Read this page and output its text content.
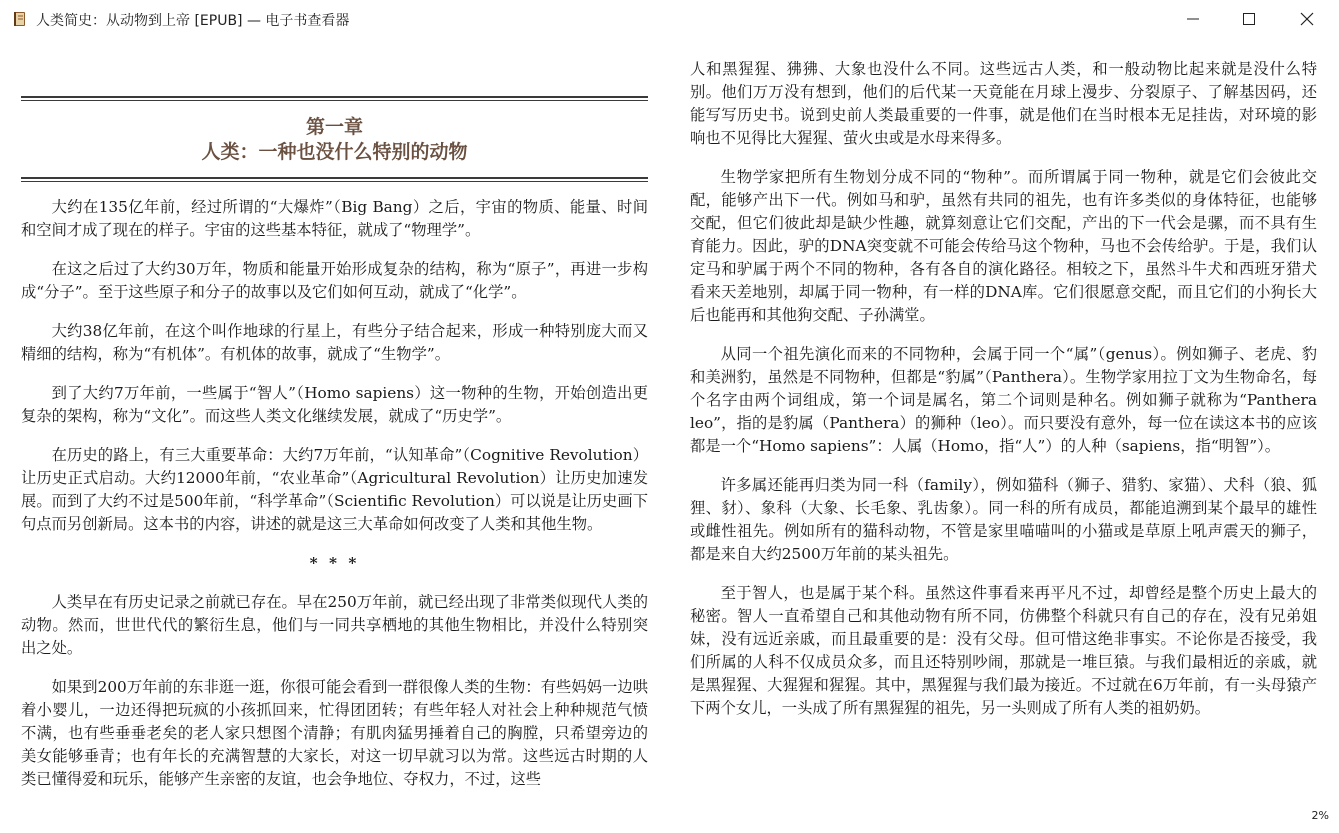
人类简史：从动物到上帝 [EPUB] — 电子书查看器
第一章
人类：一种也没什么特别的动物

大约在135亿年前，经过所谓的“大爆炸”（Big Bang）之后，宇宙的物质、能量、时间和空间才成了现在的样子。宇宙的这些基本特征，就成了“物理学”。

在这之后过了大约30万年，物质和能量开始形成复杂的结构，称为“原子”，再进一步构成“分子”。至于这些原子和分子的故事以及它们如何互动，就成了“化学”。

大约38亿年前，在这个叫作地球的行星上，有些分子结合起来，形成一种特别庞大而又精细的结构，称为“有机体”。有机体的故事，就成了“生物学”。

到了大约7万年前，一些属于“智人”（Homo sapiens）这一物种的生物，开始创造出更复杂的架构，称为“文化”。而这些人类文化继续发展，就成了“历史学”。

在历史的路上，有三大重要革命：大约7万年前，“认知革命”（Cognitive Revolution）让历史正式启动。大约12000年前，“农业革命”（Agricultural Revolution）让历史加速发展。而到了大约不过是500年前，“科学革命”（Scientific Revolution）可以说是让历史画下句点而另创新局。这本书的内容，讲述的就是这三大革命如何改变了人类和其他生物。

* * *

人类早在有历史记录之前就已存在。早在250万年前，就已经出现了非常类似现代人类的动物。然而，世世代代的繁衍生息，他们与一同共享栖地的其他生物相比，并没什么特别突出之处。

如果到200万年前的东非逛一逛，你很可能会看到一群很像人类的生物：有些妈妈一边哄着小婴儿，一边还得把玩疯的小孩抓回来，忙得团团转；有些年轻人对社会上种种规范气愤不满，也有些垂垂老矣的老人家只想图个清静；有肌肉猛男捶着自己的胸膛，只希望旁边的美女能够垂青；也有年长的充满智慧的大家长，对这一切早就习以为常。这些远古时期的人类已懂得爱和玩乐，能够产生亲密的友谊，也会争地位、夺权力，不过，这些

人和黑猩猩、狒狒、大象也没什么不同。这些远古人类，和一般动物比起来就是没什么特别。他们万万没有想到，他们的后代某一天竟能在月球上漫步、分裂原子、了解基因码，还能写写历史书。说到史前人类最重要的一件事，就是他们在当时根本无足挂齿，对环境的影响也不见得比大猩猩、萤火虫或是水母来得多。

生物学家把所有生物划分成不同的“物种”。而所谓属于同一物种，就是它们会彼此交配，能够产出下一代。例如马和驴，虽然有共同的祖先，也有许多类似的身体特征，也能够交配，但它们彼此却是缺少性趣，就算刻意让它们交配，产出的下一代会是骡，而不具有生育能力。因此，驴的DNA突变就不可能会传给马这个物种，马也不会传给驴。于是，我们认定马和驴属于两个不同的物种，各有各自的演化路径。相较之下，虽然斗牛犬和西班牙猎犬看来天差地别，却属于同一物种，有一样的DNA库。它们很愿意交配，而且它们的小狗长大后也能再和其他狗交配、子孙满堂。

从同一个祖先演化而来的不同物种，会属于同一个“属”（genus）。例如狮子、老虎、豹和美洲豹，虽然是不同物种，但都是“豹属”（Panthera）。生物学家用拉丁文为生物命名，每个名字由两个词组成，第一个词是属名，第二个词则是种名。例如狮子就称为“Panthera leo”，指的是豹属（Panthera）的狮种（leo）。而只要没有意外，每一位在读这本书的应该都是一个“Homo sapiens”：人属（Homo，指“人”）的人种（sapiens，指“明智”）。

许多属还能再归类为同一科（family），例如猫科（狮子、猎豹、家猫）、犬科（狼、狐狸、豺）、象科（大象、长毛象、乳齿象）。同一科的所有成员，都能追溯到某个最早的雄性或雌性祖先。例如所有的猫科动物，不管是家里喵喵叫的小猫或是草原上吼声震天的狮子，都是来自大约2500万年前的某头祖先。

至于智人，也是属于某个科。虽然这件事看来再平凡不过，却曾经是整个历史上最大的秘密。智人一直希望自己和其他动物有所不同，仿佛整个科就只有自己的存在，没有兄弟姐妹，没有远近亲戚，而且最重要的是：没有父母。但可惜这绝非事实。不论你是否接受，我们所属的人科不仅成员众多，而且还特别吵闹，那就是一堆巨猿。与我们最相近的亲戚，就是黑猩猩、大猩猩和猩猩。其中，黑猩猩与我们最为接近。不过就在6万年前，有一头母猿产下两个女儿，一头成了所有黑猩猩的祖先，另一头则成了所有人类的祖奶奶。

2%
